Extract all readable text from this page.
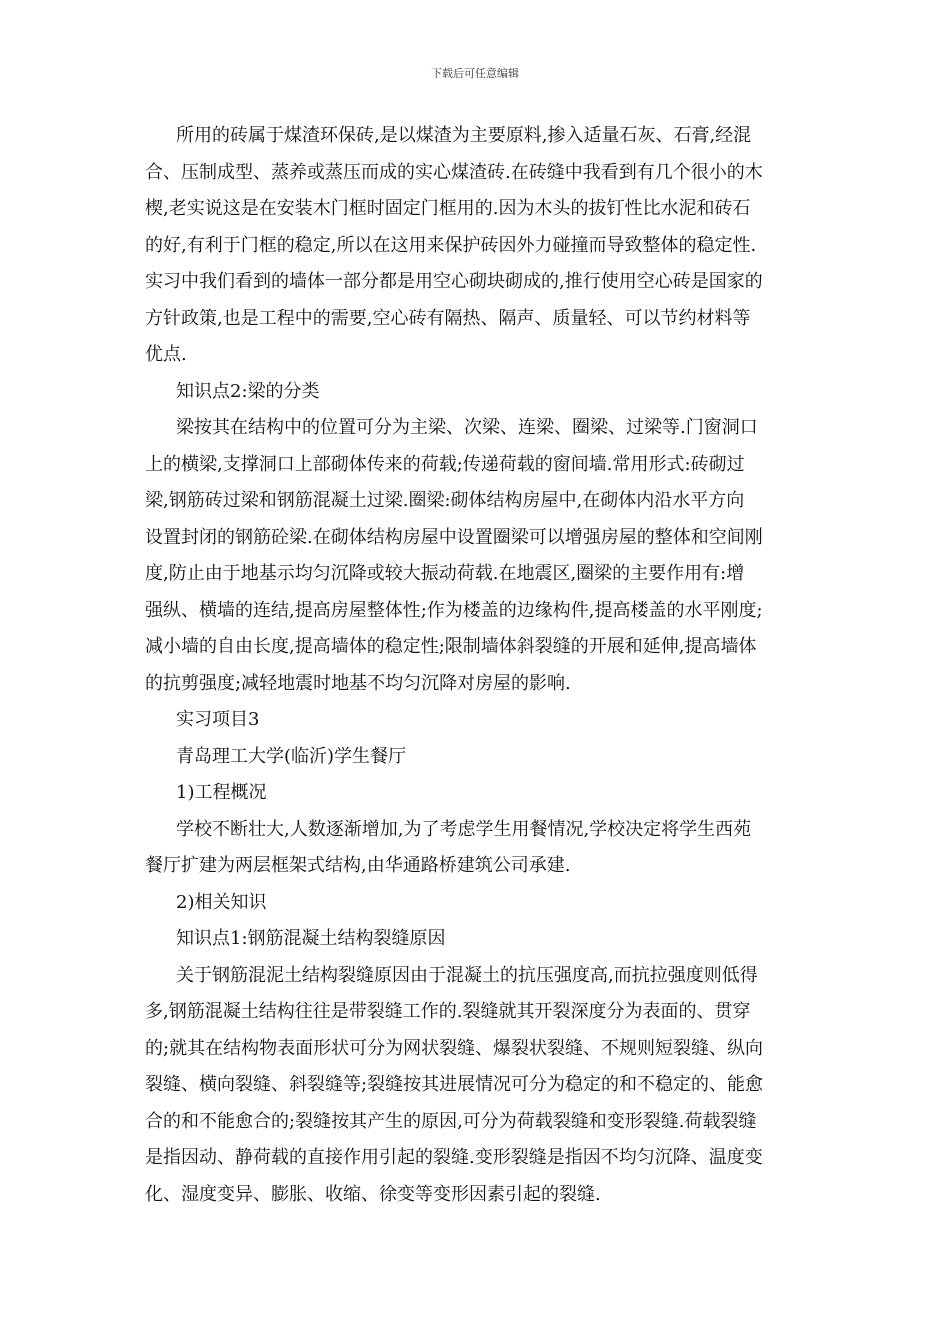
下载后可任意编辑
所用的砖属于煤渣环保砖,是以煤渣为主要原料,掺入适量石灰、石膏,经混
合、压制成型、蒸养或蒸压而成的实心煤渣砖.在砖缝中我看到有几个很小的木
楔,老实说这是在安装木门框时固定门框用的.因为木头的拔钉性比水泥和砖石
的好,有利于门框的稳定,所以在这用来保护砖因外力碰撞而导致整体的稳定性.
实习中我们看到的墙体一部分都是用空心砌块砌成的,推行使用空心砖是国家的
方针政策,也是工程中的需要,空心砖有隔热、隔声、质量轻、可以节约材料等
优点.
知识点2:梁的分类
梁按其在结构中的位置可分为主梁、次梁、连梁、圈梁、过梁等.门窗洞口
上的横梁,支撑洞口上部砌体传来的荷载;传递荷载的窗间墙.常用形式:砖砌过
梁,钢筋砖过梁和钢筋混凝土过梁.圈梁:砌体结构房屋中,在砌体内沿水平方向
设置封闭的钢筋砼梁.在砌体结构房屋中设置圈梁可以增强房屋的整体和空间刚
度,防止由于地基示均匀沉降或较大振动荷载.在地震区,圈梁的主要作用有:增
强纵、横墙的连结,提高房屋整体性;作为楼盖的边缘构件,提高楼盖的水平刚度;
减小墙的自由长度,提高墙体的稳定性;限制墙体斜裂缝的开展和延伸,提高墙体
的抗剪强度;减轻地震时地基不均匀沉降对房屋的影响.
实习项目3
青岛理工大学(临沂)学生餐厅
1)工程概况
学校不断壮大,人数逐渐增加,为了考虑学生用餐情况,学校决定将学生西苑
餐厅扩建为两层框架式结构,由华通路桥建筑公司承建.
2)相关知识
知识点1:钢筋混凝土结构裂缝原因
关于钢筋混泥土结构裂缝原因由于混凝土的抗压强度高,而抗拉强度则低得
多,钢筋混凝土结构往往是带裂缝工作的.裂缝就其开裂深度分为表面的、贯穿
的;就其在结构物表面形状可分为网状裂缝、爆裂状裂缝、不规则短裂缝、纵向
裂缝、横向裂缝、斜裂缝等;裂缝按其进展情况可分为稳定的和不稳定的、能愈
合的和不能愈合的;裂缝按其产生的原因,可分为荷载裂缝和变形裂缝.荷载裂缝
是指因动、静荷载的直接作用引起的裂缝.变形裂缝是指因不均匀沉降、温度变
化、湿度变异、膨胀、收缩、徐变等变形因素引起的裂缝.
